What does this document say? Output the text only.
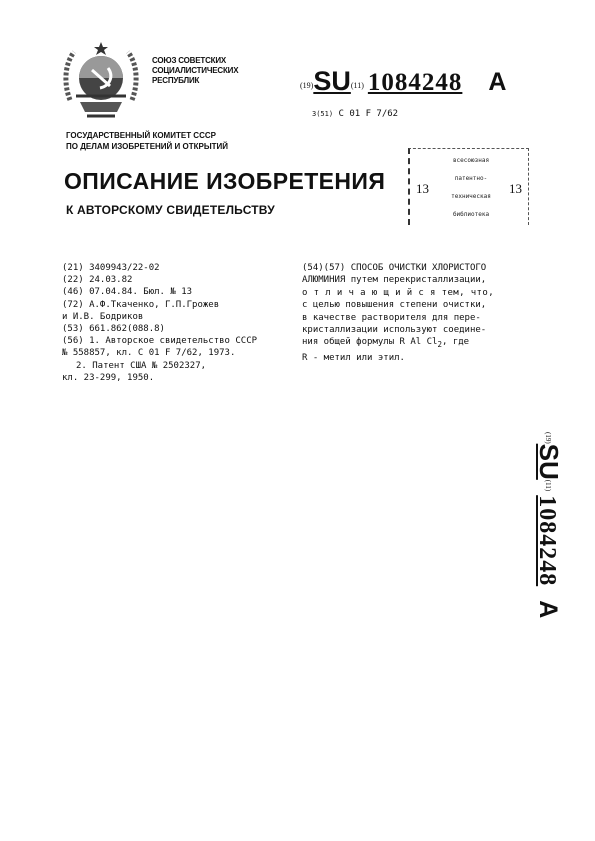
СОЮЗ СОВЕТСКИХ
СОЦИАЛИСТИЧЕСКИХ
РЕСПУБЛИК
(19)SU(11) 1084248 A
3(51) C 01 F 7/62
ГОСУДАРСТВЕННЫЙ КОМИТЕТ СССР
ПО ДЕЛАМ ИЗОБРЕТЕНИЙ И ОТКРЫТИЙ
ОПИСАНИЕ ИЗОБРЕТЕНИЯ
К АВТОРСКОМУ СВИДЕТЕЛЬСТВУ
всесоюзная
патентно-
техническая
библиотека
13	13
(21) 3409943/22-02
(22) 24.03.82
(46) 07.04.84. Бюл. № 13
(72) А.Ф.Ткаченко, Г.П.Грожев
и И.В. Бодриков
(53) 661.862(088.8)
(56) 1. Авторское свидетельство СССР
№ 558857, кл. С 01 F 7/62, 1973.
2. Патент США № 2502327,
кл. 23-299, 1950.
(54)(57) СПОСОБ ОЧИСТКИ ХЛОРИСТОГО
АЛЮМИНИЯ путем перекристаллизации,
о т л и ч а ю щ и й с я тем, что,
с целью повышения степени очистки,
в качестве растворителя для пере-
кристаллизации используют соедине-
ния общей формулы R Al $Cl_2$, где
R - метил или этил.
$^{(19)}$SU$^{(11)}$ 1084248A
